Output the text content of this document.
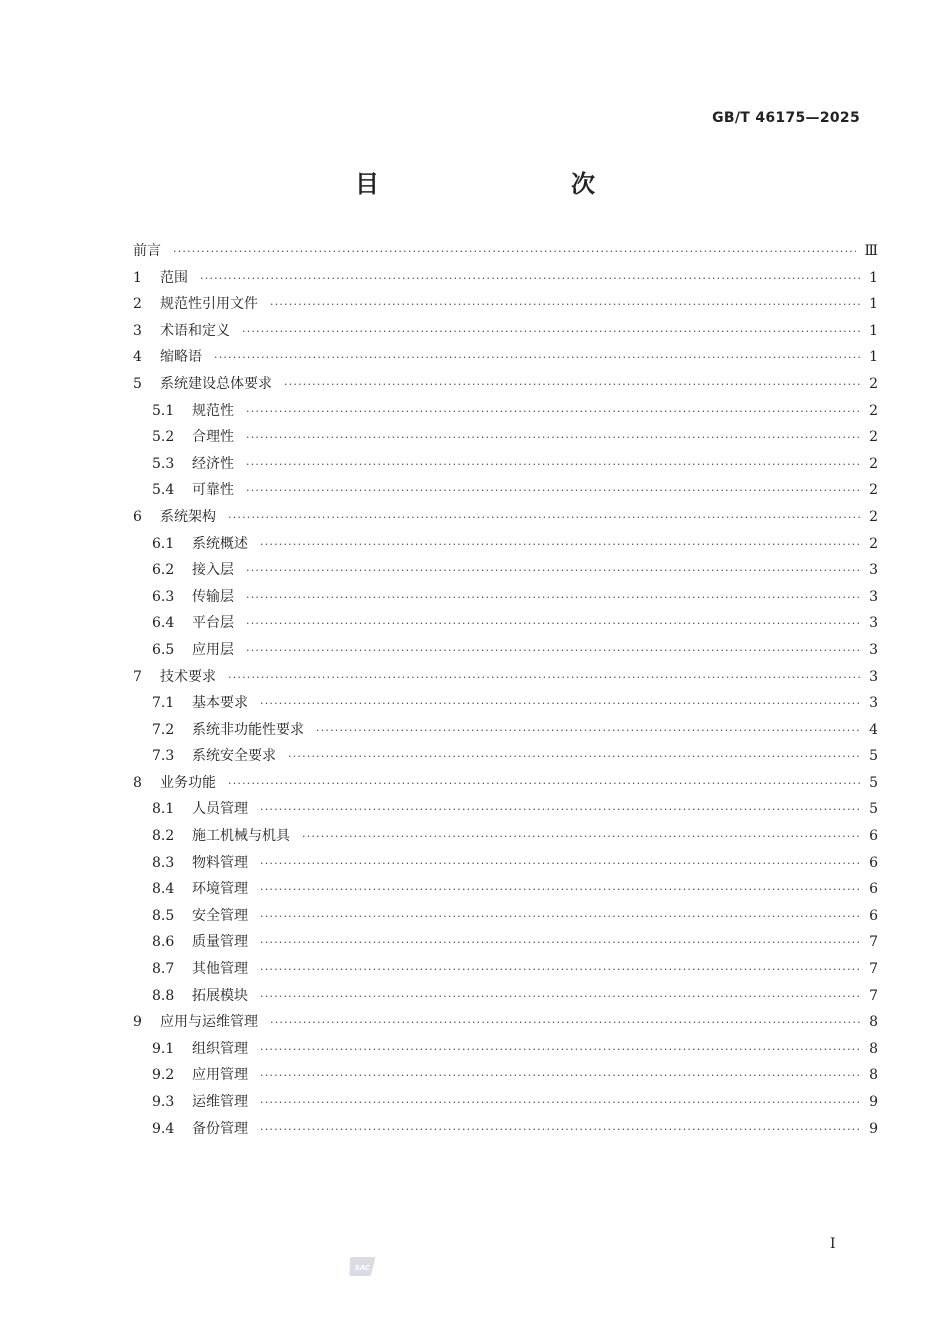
GB/T 46175—2025
目　　次
前言 ·····	Ⅲ
1	范围 ·····	1
2	规范性引用文件 ·····	1
3	术语和定义 ·····	1
4	缩略语 ·····	1
5	系统建设总体要求 ·····	2
5.1	规范性 ·····	2
5.2	合理性 ·····	2
5.3	经济性 ·····	2
5.4	可靠性 ·····	2
6	系统架构 ·····	2
6.1	系统概述 ·····	2
6.2	接入层 ·····	3
6.3	传输层 ·····	3
6.4	平台层 ·····	3
6.5	应用层 ·····	3
7	技术要求 ·····	3
7.1	基本要求 ·····	3
7.2	系统非功能性要求 ·····	4
7.3	系统安全要求 ·····	5
8	业务功能 ·····	5
8.1	人员管理 ·····	5
8.2	施工机械与机具 ·····	6
8.3	物料管理 ·····	6
8.4	环境管理 ·····	6
8.5	安全管理 ·····	6
8.6	质量管理 ·····	7
8.7	其他管理 ·····	7
8.8	拓展模块 ·····	7
9	应用与运维管理 ·····	8
9.1	组织管理 ·····	8
9.2	应用管理 ·····	8
9.3	运维管理 ·····	9
9.4	备份管理 ·····	9
Ⅰ
SAC
